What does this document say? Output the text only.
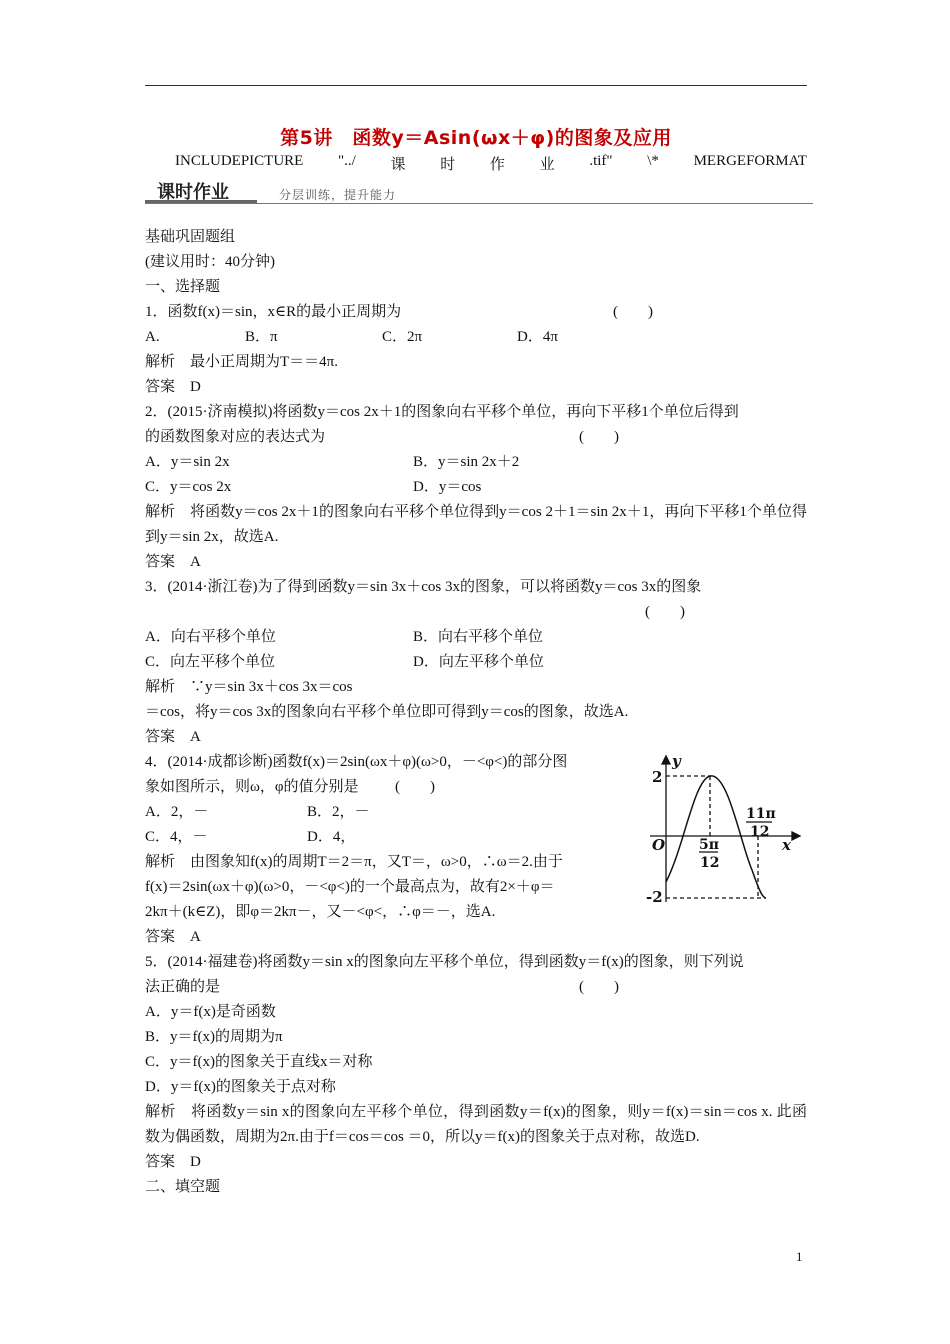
第5讲　函数y＝Asin(ωx＋φ)的图象及应用
INCLUDEPICTURE "../ 课 时 作 业 .tif" \* MERGEFORMAT
课时作业	分层训练，提升能力
基础巩固题组
(建议用时：40分钟)
一、选择题
1．函数f(x)＝sin，x∈R的最小正周期为	(　　)
A.	B．π	C．2π	D．4π
解析　最小正周期为T＝＝4π.
答案　D
2．(2015·济南模拟)将函数y＝cos 2x＋1的图象向右平移个单位，再向下平移1个单位后得到
的函数图象对应的表达式为	(　　)
A．y＝sin 2x	B．y＝sin 2x＋2
C．y＝cos 2x	D．y＝cos
解析　将函数y＝cos 2x＋1的图象向右平移个单位得到y＝cos 2＋1＝sin 2x＋1，再向下平移1个单位得到y＝sin 2x，故选A.
答案　A
3．(2014·浙江卷)为了得到函数y＝sin 3x＋cos 3x的图象，可以将函数y＝cos 3x的图象
(　　)
A．向右平移个单位	B．向右平移个单位
C．向左平移个单位	D．向左平移个单位
解析　∵y＝sin 3x＋cos 3x＝cos
＝cos，将y＝cos 3x的图象向右平移个单位即可得到y＝cos的图象，故选A.
答案　A
4．(2014·成都诊断)函数f(x)＝2sin(ωx＋φ)(ω>0，－<φ<)的部分图
象如图所示，则ω，φ的值分别是 (　　)
A．2，－	B．2，－
C．4，－	D．4，
解析　由图象知f(x)的周期T＝2＝π，又T＝，ω>0，∴ω＝2.由于
f(x)＝2sin(ωx＋φ)(ω>0，－<φ<)的一个最高点为，故有2×＋φ＝
2kπ＋(k∈Z)，即φ＝2kπ－，又－<φ<，∴φ＝－，选A.
答案　A
5．(2014·福建卷)将函数y＝sin x的图象向左平移个单位，得到函数y＝f(x)的图象，则下列说
法正确的是	(　　)
A．y＝f(x)是奇函数
B．y＝f(x)的周期为π
C．y＝f(x)的图象关于直线x＝对称
D．y＝f(x)的图象关于点对称
解析　将函数y＝sin x的图象向左平移个单位，得到函数y＝f(x)的图象，则y＝f(x)＝sin＝cos x. 此函数为偶函数，周期为2π.由于f＝cos＝cos ＝0，所以y＝f(x)的图象关于点对称，故选D.
答案　D
二、填空题
y
x
O
2
-2
5π
12
11π
12
1
